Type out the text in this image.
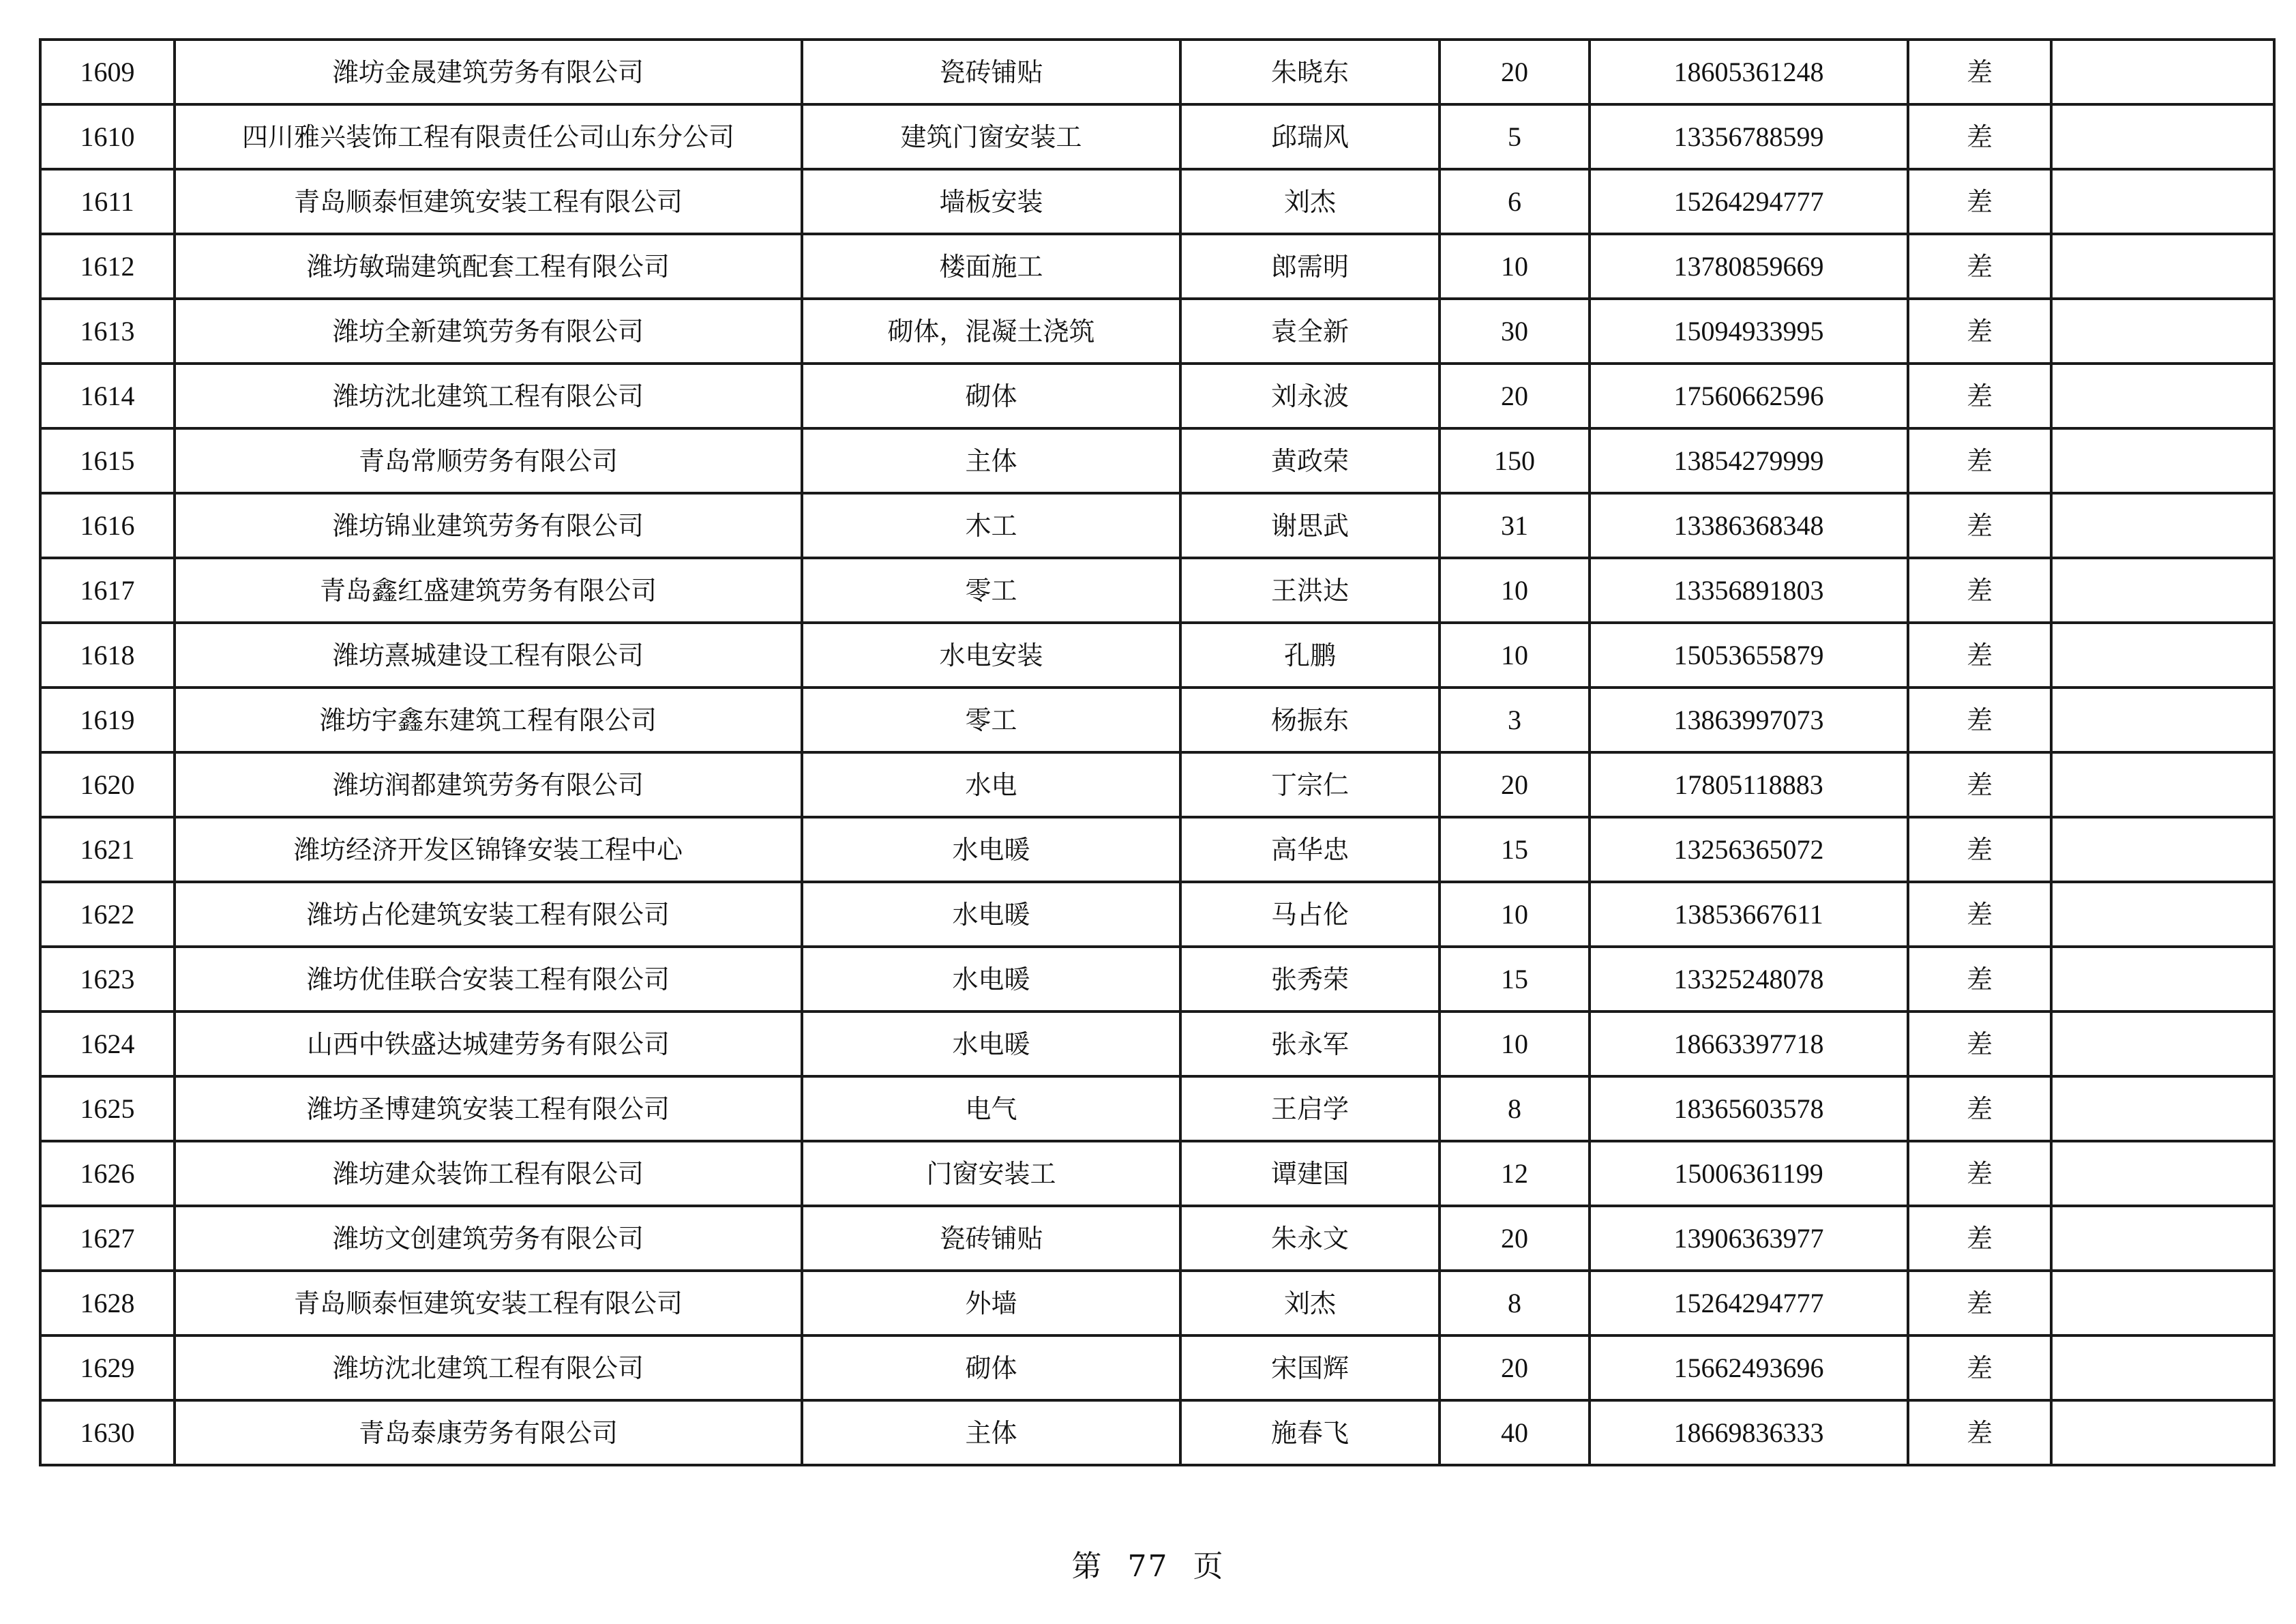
1609	潍坊金晟建筑劳务有限公司	瓷砖铺贴	朱晓东	20	18605361248	差	
1610	四川雅兴装饰工程有限责任公司山东分公司	建筑门窗安装工	邱瑞风	5	13356788599	差	
1611	青岛顺泰恒建筑安装工程有限公司	墙板安装	刘杰	6	15264294777	差	
1612	潍坊敏瑞建筑配套工程有限公司	楼面施工	郎需明	10	13780859669	差	
1613	潍坊全新建筑劳务有限公司	砌体，混凝土浇筑	袁全新	30	15094933995	差	
1614	潍坊沈北建筑工程有限公司	砌体	刘永波	20	17560662596	差	
1615	青岛常顺劳务有限公司	主体	黄政荣	150	13854279999	差	
1616	潍坊锦业建筑劳务有限公司	木工	谢思武	31	13386368348	差	
1617	青岛鑫红盛建筑劳务有限公司	零工	王洪达	10	13356891803	差	
1618	潍坊熹城建设工程有限公司	水电安装	孔鹏	10	15053655879	差	
1619	潍坊宇鑫东建筑工程有限公司	零工	杨振东	3	13863997073	差	
1620	潍坊润都建筑劳务有限公司	水电	丁宗仁	20	17805118883	差	
1621	潍坊经济开发区锦锋安装工程中心	水电暖	高华忠	15	13256365072	差	
1622	潍坊占伦建筑安装工程有限公司	水电暖	马占伦	10	13853667611	差	
1623	潍坊优佳联合安装工程有限公司	水电暖	张秀荣	15	13325248078	差	
1624	山西中铁盛达城建劳务有限公司	水电暖	张永军	10	18663397718	差	
1625	潍坊圣博建筑安装工程有限公司	电气	王启学	8	18365603578	差	
1626	潍坊建众装饰工程有限公司	门窗安装工	谭建国	12	15006361199	差	
1627	潍坊文创建筑劳务有限公司	瓷砖铺贴	朱永文	20	13906363977	差	
1628	青岛顺泰恒建筑安装工程有限公司	外墙	刘杰	8	15264294777	差	
1629	潍坊沈北建筑工程有限公司	砌体	宋国辉	20	15662493696	差	
1630	青岛泰康劳务有限公司	主体	施春飞	40	18669836333	差	
第 77 页
